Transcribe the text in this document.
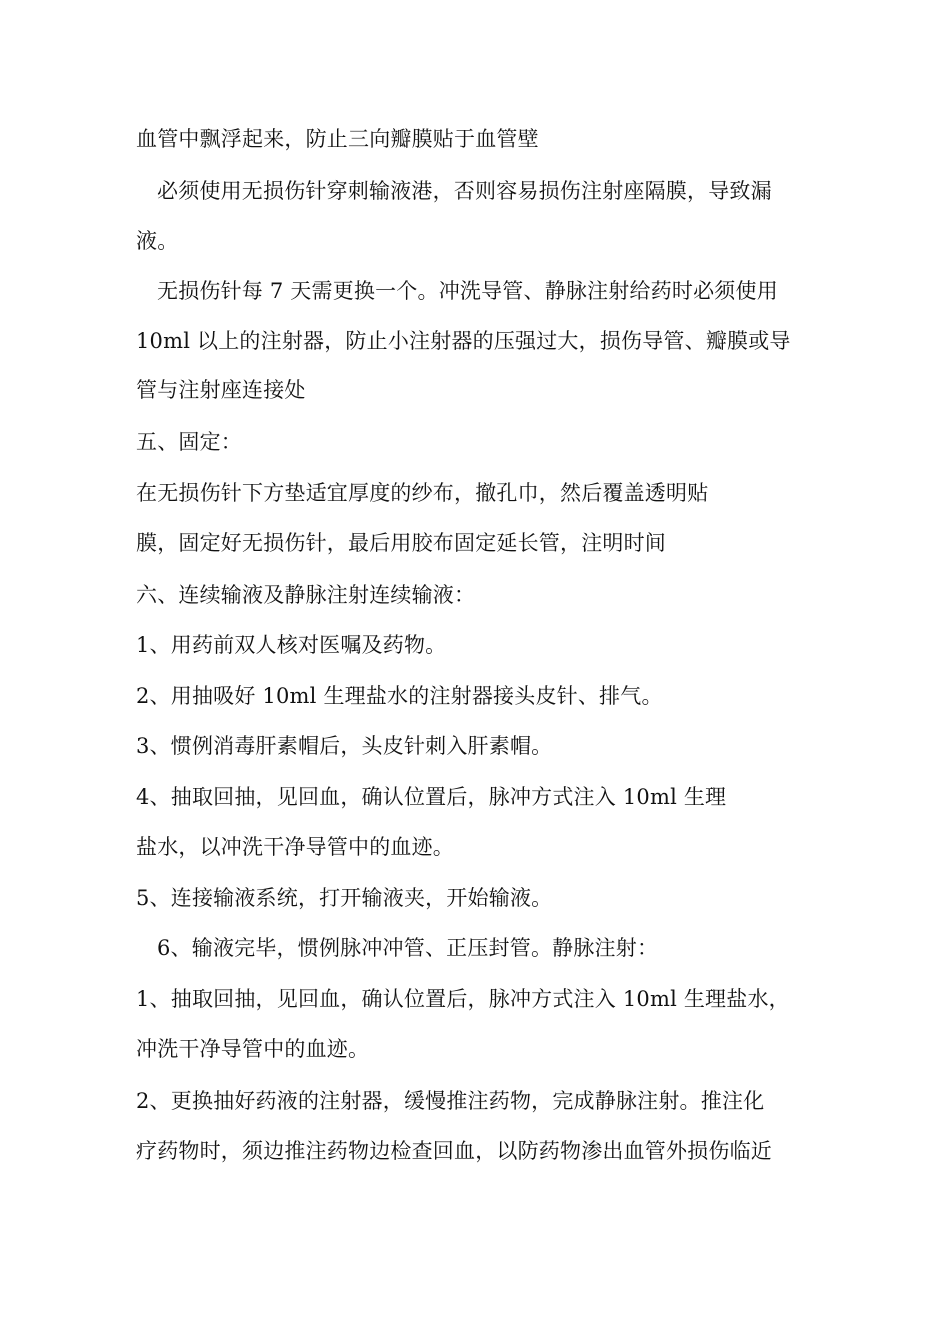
血管中飘浮起来，防止三向瓣膜贴于血管壁
必须使用无损伤针穿刺输液港，否则容易损伤注射座隔膜，导致漏
液。
无损伤针每 7 天需更换一个。冲洗导管、静脉注射给药时必须使用
10ml 以上的注射器，防止小注射器的压强过大，损伤导管、瓣膜或导
管与注射座连接处
五、固定：
在无损伤针下方垫适宜厚度的纱布，撤孔巾，然后覆盖透明贴
膜，固定好无损伤针，最后用胶布固定延长管，注明时间
六、连续输液及静脉注射连续输液：
1、用药前双人核对医嘱及药物。
2、用抽吸好 10ml 生理盐水的注射器接头皮针、排气。
3、惯例消毒肝素帽后，头皮针刺入肝素帽。
4、抽取回抽，见回血，确认位置后，脉冲方式注入 10ml 生理
盐水，以冲洗干净导管中的血迹。
5、连接输液系统，打开输液夹，开始输液。
6、输液完毕，惯例脉冲冲管、正压封管。静脉注射：
1、抽取回抽，见回血，确认位置后，脉冲方式注入 10ml 生理盐水，
冲洗干净导管中的血迹。
2、更换抽好药液的注射器，缓慢推注药物，完成静脉注射。推注化
疗药物时，须边推注药物边检查回血，以防药物渗出血管外损伤临近
